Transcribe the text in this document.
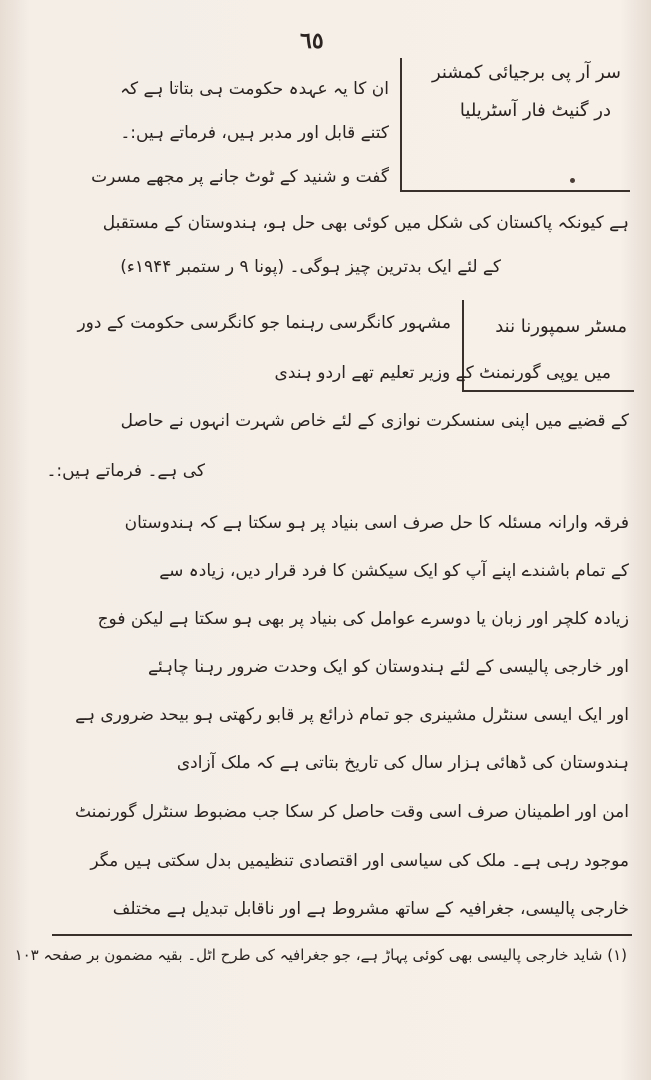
٦٥
سر آر پی برجیائی کمشنر
در گنیٹ فار آسٹریلیا
ان کا یہ عہدہ حکومت ہی بتاتا ہے کہ
کتنے قابل اور مدبر ہیں، فرماتے ہیں:۔
گفت و شنید کے ٹوٹ جانے پر مجھے مسرت
ہے کیونکہ پاکستان کی شکل میں کوئی بھی حل ہو، ہندوستان کے مستقبل
کے لئے ایک بدترین چیز ہوگی۔ (پونا ۹ ر ستمبر ۱۹۴۴ء)
مسٹر سمپورنا نند
مشہور کانگرسی رہنما جو کانگرسی حکومت کے دور
میں یوپی گورنمنٹ کے وزیر تعلیم تھے اردو ہندی
کے قضیے میں اپنی سنسکرت نوازی کے لئے خاص شہرت انہوں نے حاصل
کی ہے۔ فرماتے ہیں:۔
فرقہ وارانہ مسئلہ کا حل صرف اسی بنیاد پر ہو سکتا ہے کہ ہندوستان
کے تمام باشندے اپنے آپ کو ایک سیکشن کا فرد قرار دیں، زیادہ سے
زیادہ کلچر اور زبان یا دوسرے عوامل کی بنیاد پر بھی ہو سکتا ہے لیکن فوج
اور خارجی پالیسی کے لئے ہندوستان کو ایک وحدت ضرور رہنا چاہئے
اور ایک ایسی سنٹرل مشینری جو تمام ذرائع پر قابو رکھتی ہو بیحد ضروری ہے
ہندوستان کی ڈھائی ہزار سال کی تاریخ بتاتی ہے کہ ملک آزادی
امن اور اطمینان صرف اسی وقت حاصل کر سکا جب مضبوط سنٹرل گورنمنٹ
موجود رہی ہے۔ ملک کی سیاسی اور اقتصادی تنظیمیں بدل سکتی ہیں مگر
خارجی پالیسی، جغرافیہ کے ساتھ مشروط ہے اور ناقابل تبدیل ہے مختلف
(۱) شاید خارجی پالیسی بھی کوئی پہاڑ ہے، جو جغرافیہ کی طرح اٹل۔ بقیہ مضمون بر صفحہ ۱۰۳
